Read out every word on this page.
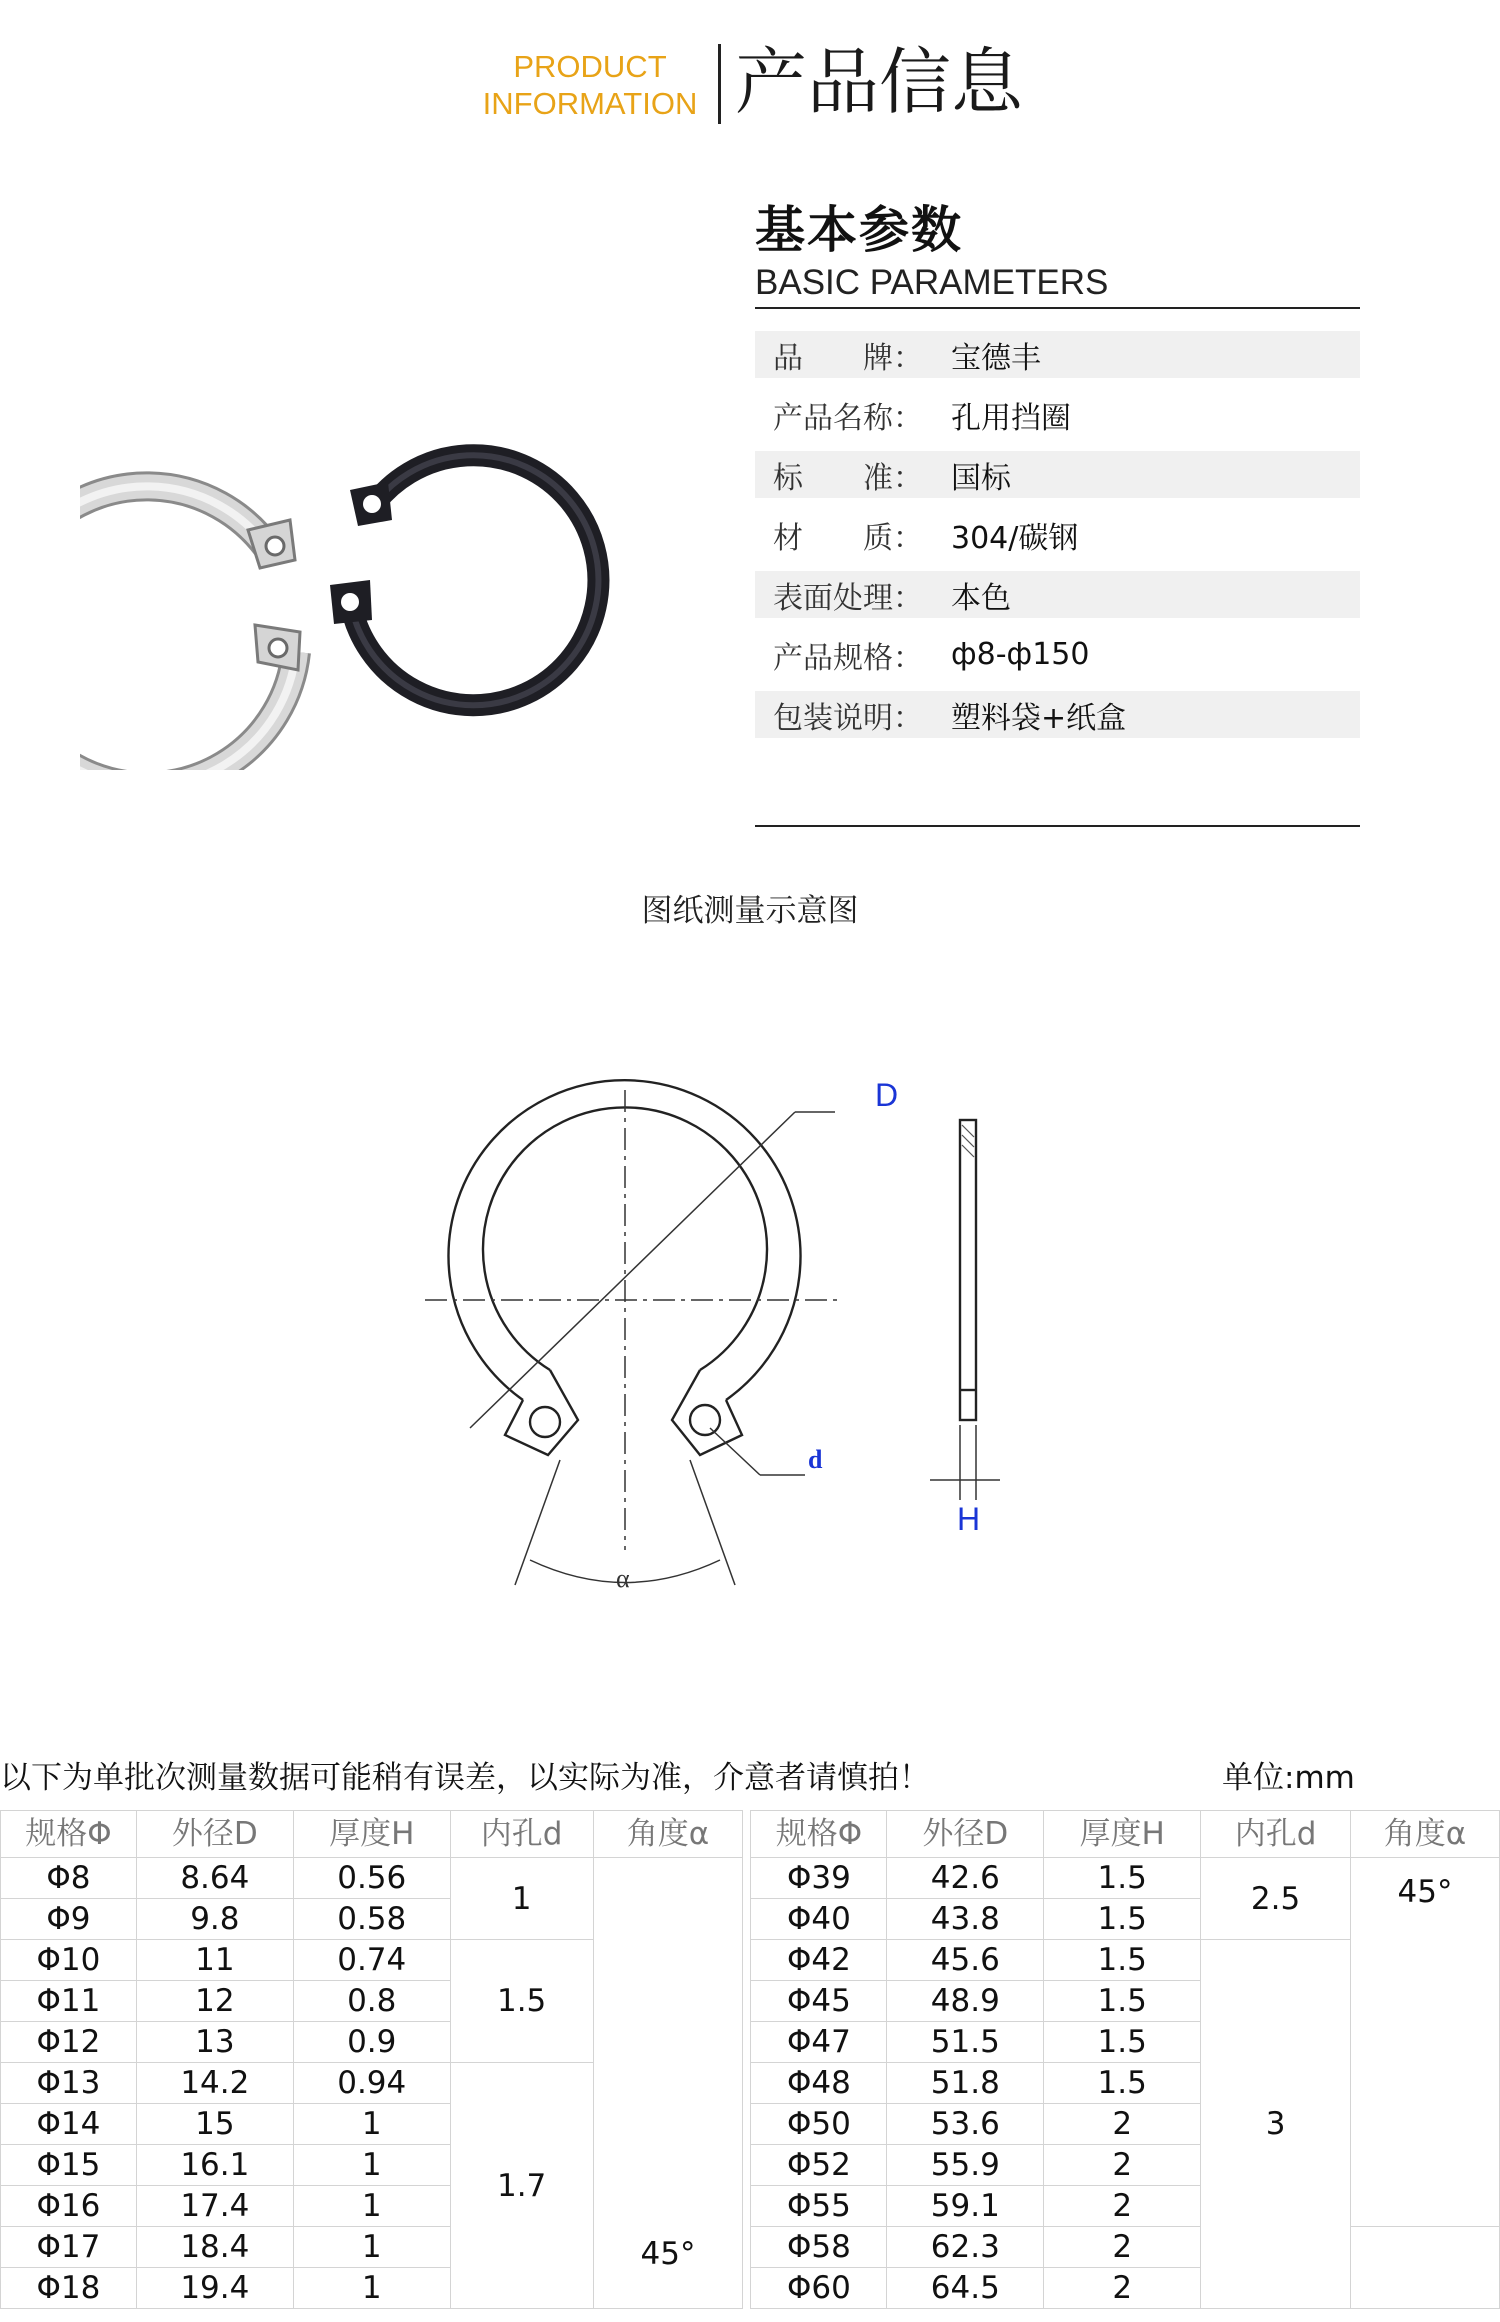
PRODUCT
INFORMATION 产品信息
基本参数
BASIC PARAMETERS
品　　牌： 宝德丰
产品名称： 孔用挡圈
标　　准： 国标
材　　质： 304/碳钢
表面处理： 本色
产品规格： ф8-ф150
包装说明： 塑料袋+纸盒
图纸测量示意图
D
d
H
α
以下为单批次测量数据可能稍有误差，以实际为准，介意者请慎拍！	单位:mm
规格Φ	外径D	厚度H	内孔d	角度α		规格Φ	外径D	厚度H	内孔d	角度α
Φ8	8.64	0.56	1	45°		Φ39	42.6	1.5	2.5	45°

Φ9	9.8	0.58				Φ40	43.8	1.5		
Φ10	11	0.74	1.5			Φ42	45.6	1.5	3	
Φ11	12	0.8				Φ45	48.9	1.5		
Φ12	13	0.9				Φ47	51.5	1.5		
Φ13	14.2	0.94	1.7			Φ48	51.8	1.5		
Φ14	15	1				Φ50	53.6	2		
Φ15	16.1	1				Φ52	55.9	2		
Φ16	17.4	1				Φ55	59.1	2		
Φ17	18.4	1				Φ58	62.3	2		
Φ18	19.4	1				Φ60	64.5	2		
